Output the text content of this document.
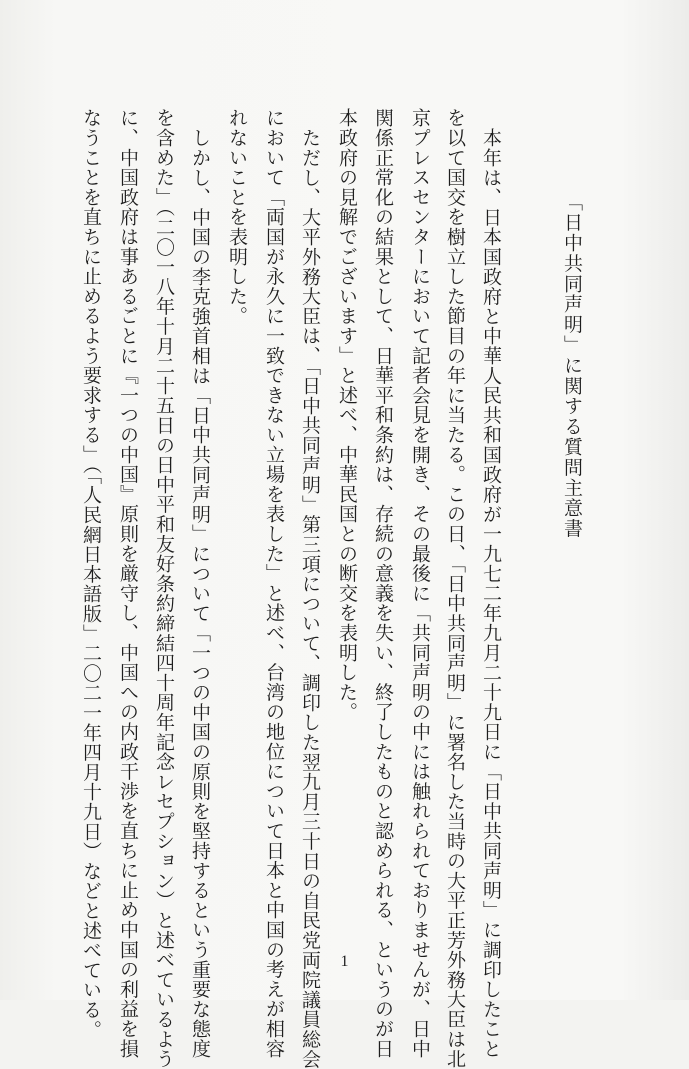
「日中共同声明」に関する質問主意書
本年は、日本国政府と中華人民共和国政府が一九七二年九月二十九日に「日中共同声明」に調印したこと
を以て国交を樹立した節目の年に当たる。この日、「日中共同声明」に署名した当時の大平正芳外務大臣は北
京プレスセンターにおいて記者会見を開き、その最後に「共同声明の中には触れられておりませんが、日中
関係正常化の結果として、日華平和条約は、存続の意義を失い、終了したものと認められる、というのが日
本政府の見解でございます」と述べ、中華民国との断交を表明した。
ただし、大平外務大臣は、「日中共同声明」第三項について、調印した翌九月三十日の自民党両院議員総会
において「両国が永久に一致できない立場を表した」と述べ、台湾の地位について日本と中国の考えが相容
れないことを表明した。
しかし、中国の李克強首相は「日中共同声明」について「一つの中国の原則を堅持するという重要な態度
を含めた」（二〇一八年十月二十五日の日中平和友好条約締結四十周年記念レセプション）と述べているよう
に、中国政府は事あるごとに『一つの中国』原則を厳守し、中国への内政干渉を直ちに止め中国の利益を損
なうことを直ちに止めるよう要求する」（「人民網日本語版」二〇二一年四月十九日）などと述べている。	1
